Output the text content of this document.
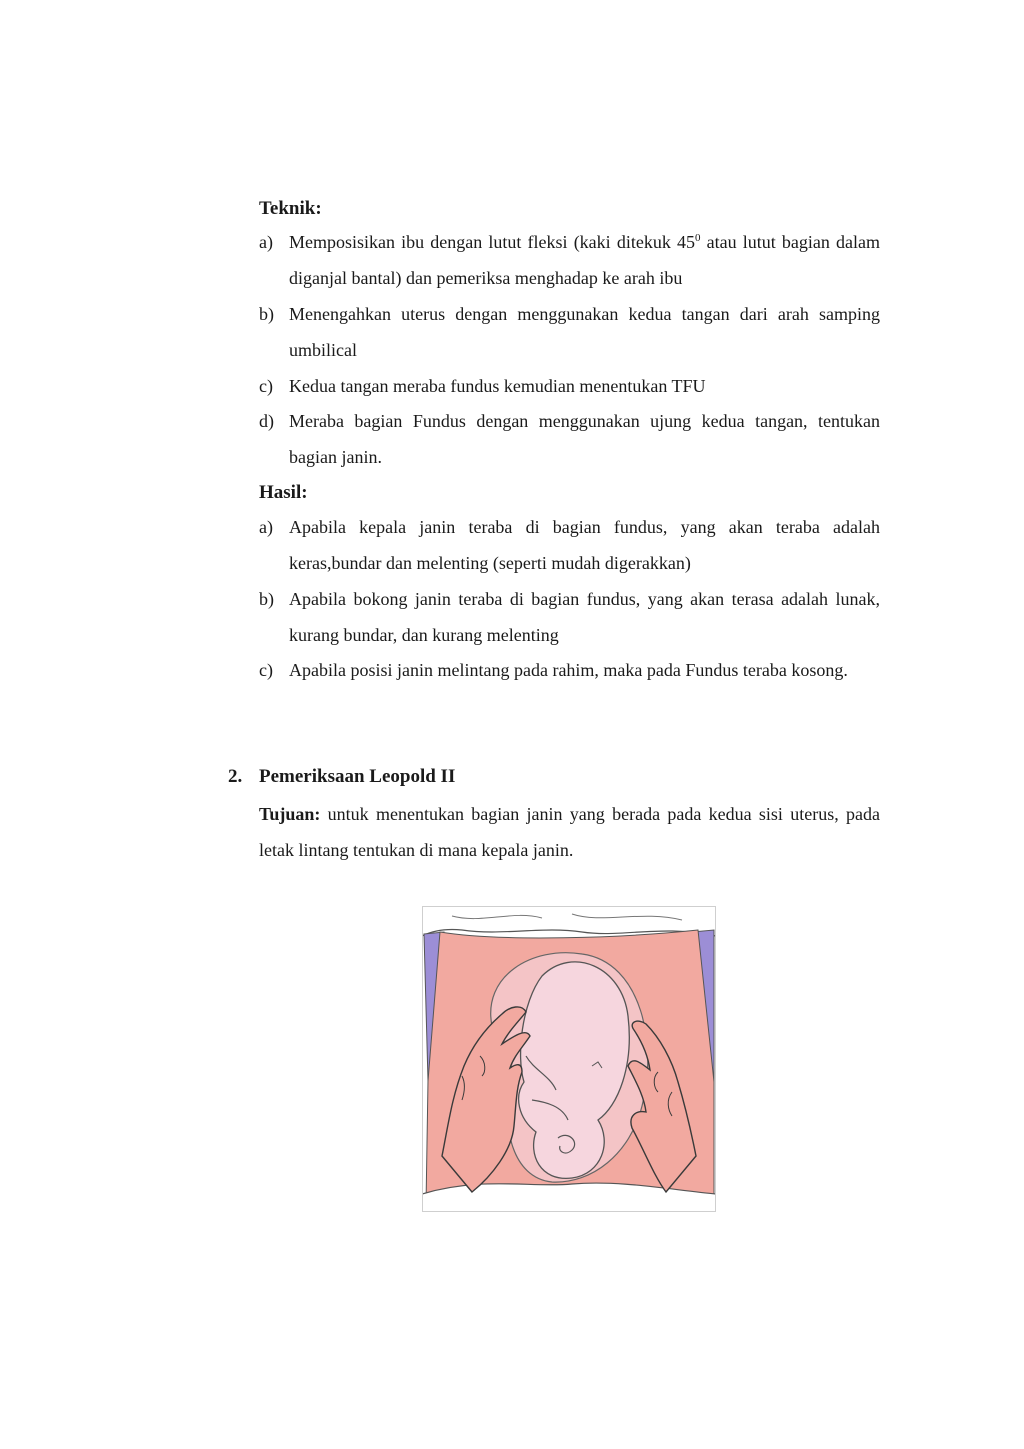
Teknik:
a) Memposisikan ibu dengan lutut fleksi (kaki ditekuk $45^0$ atau lutut bagian dalam diganjal bantal) dan pemeriksa menghadap ke arah ibu
b) Menengahkan uterus dengan menggunakan kedua tangan dari arah samping umbilical
c) Kedua tangan meraba fundus kemudian menentukan TFU
d) Meraba bagian Fundus dengan menggunakan ujung kedua tangan, tentukan bagian janin.
Hasil:
a) Apabila kepala janin teraba di bagian fundus, yang akan teraba adalah keras,bundar dan melenting (seperti mudah digerakkan)
b) Apabila bokong janin teraba di bagian fundus, yang akan terasa adalah lunak, kurang bundar, dan kurang melenting
c) Apabila posisi janin melintang pada rahim, maka pada Fundus teraba kosong.
2. Pemeriksaan Leopold II
Tujuan: untuk menentukan bagian janin yang berada pada kedua sisi uterus, pada letak lintang tentukan di mana kepala janin.
